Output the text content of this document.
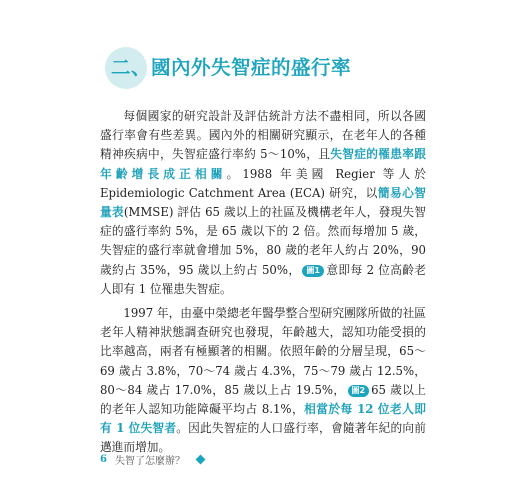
二、國內外失智症的盛行率

每個國家的研究設計及評估統計方法不盡相同，所以各國盛行率會有些差異。國內外的相關研究顯示，在老年人的各種精神疾病中，失智症盛行率約 5～10%，且失智症的罹患率跟年齡增長成正相關。1988 年美國 Regier 等人於 Epidemiologic Catchment Area (ECA) 研究，以簡易心智量表(MMSE) 評估 65 歲以上的社區及機構老年人，發現失智症的盛行率約 5%，是 65 歲以下的 2 倍。然而每增加 5 歲，失智症的盛行率就會增加 5%，80 歲的老年人約占 20%，90 歲約占 35%，95 歲以上約占 50%， 圖1 意即每 2 位高齡老人即有 1 位罹患失智症。

1997 年，由臺中榮總老年醫學整合型研究團隊所做的社區老年人精神狀態調查研究也發現，年齡越大，認知功能受損的比率越高，兩者有極顯著的相關。依照年齡的分層呈現，65～69 歲占 3.8%，70～74 歲占 4.3%，75～79 歲占 12.5%，80～84 歲占 17.0%，85 歲以上占 19.5%， 圖2 65 歲以上的老年人認知功能障礙平均占 8.1%，相當於每 12 位老人即有 1 位失智者。因此失智症的人口盛行率，會隨著年紀的向前邁進而增加。

6 失智了怎麼辦？
